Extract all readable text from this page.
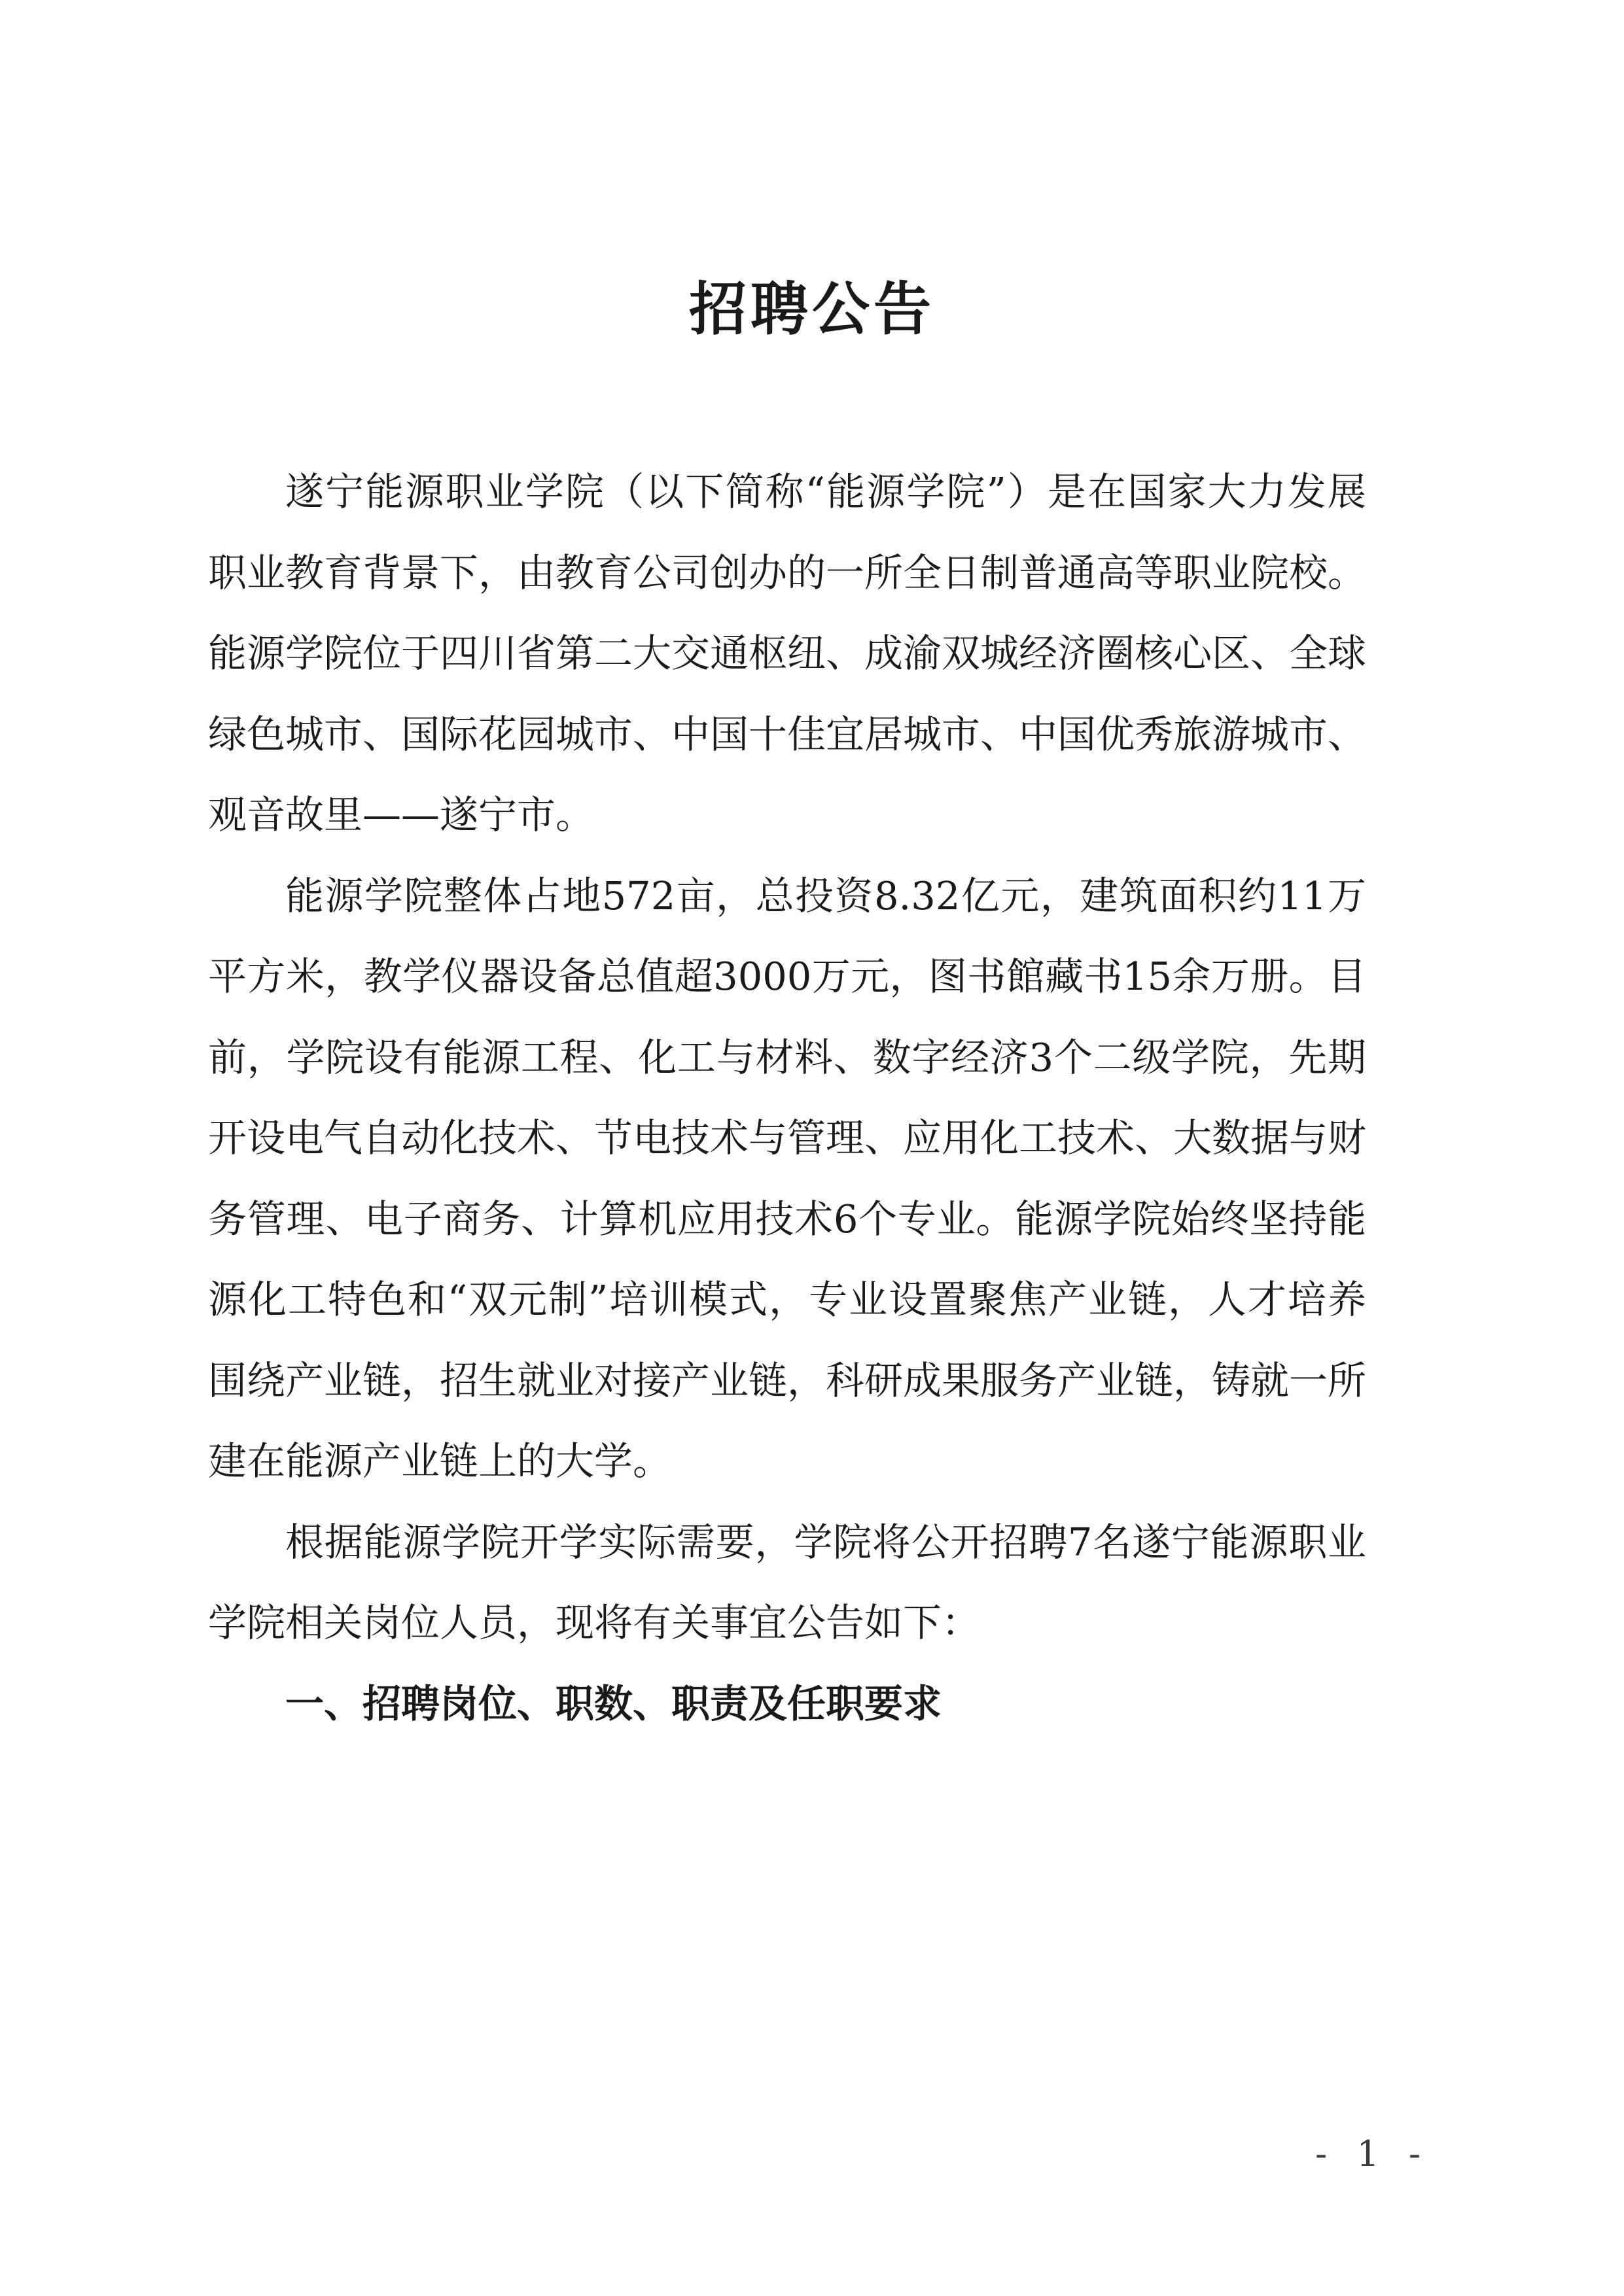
招聘公告

遂宁能源职业学院（以下简称“能源学院”）是在国家大力发展职业教育背景下，由教育公司创办的一所全日制普通高等职业院校。能源学院位于四川省第二大交通枢纽、成渝双城经济圈核心区、全球绿色城市、国际花园城市、中国十佳宜居城市、中国优秀旅游城市、观音故里——遂宁市。

能源学院整体占地572亩，总投资8.32亿元，建筑面积约11万平方米，教学仪器设备总值超3000万元，图书館藏书15余万册。目前，学院设有能源工程、化工与材料、数字经济3个二级学院，先期开设电气自动化技术、节电技术与管理、应用化工技术、大数据与财务管理、电子商务、计算机应用技术6个专业。能源学院始终坚持能源化工特色和“双元制”培训模式，专业设置聚焦产业链，人才培养围绕产业链，招生就业对接产业链，科研成果服务产业链，铸就一所建在能源产业链上的大学。

根据能源学院开学实际需要，学院将公开招聘7名遂宁能源职业学院相关岗位人员，现将有关事宜公告如下：

一、招聘岗位、职数、职责及任职要求

- 1 -
